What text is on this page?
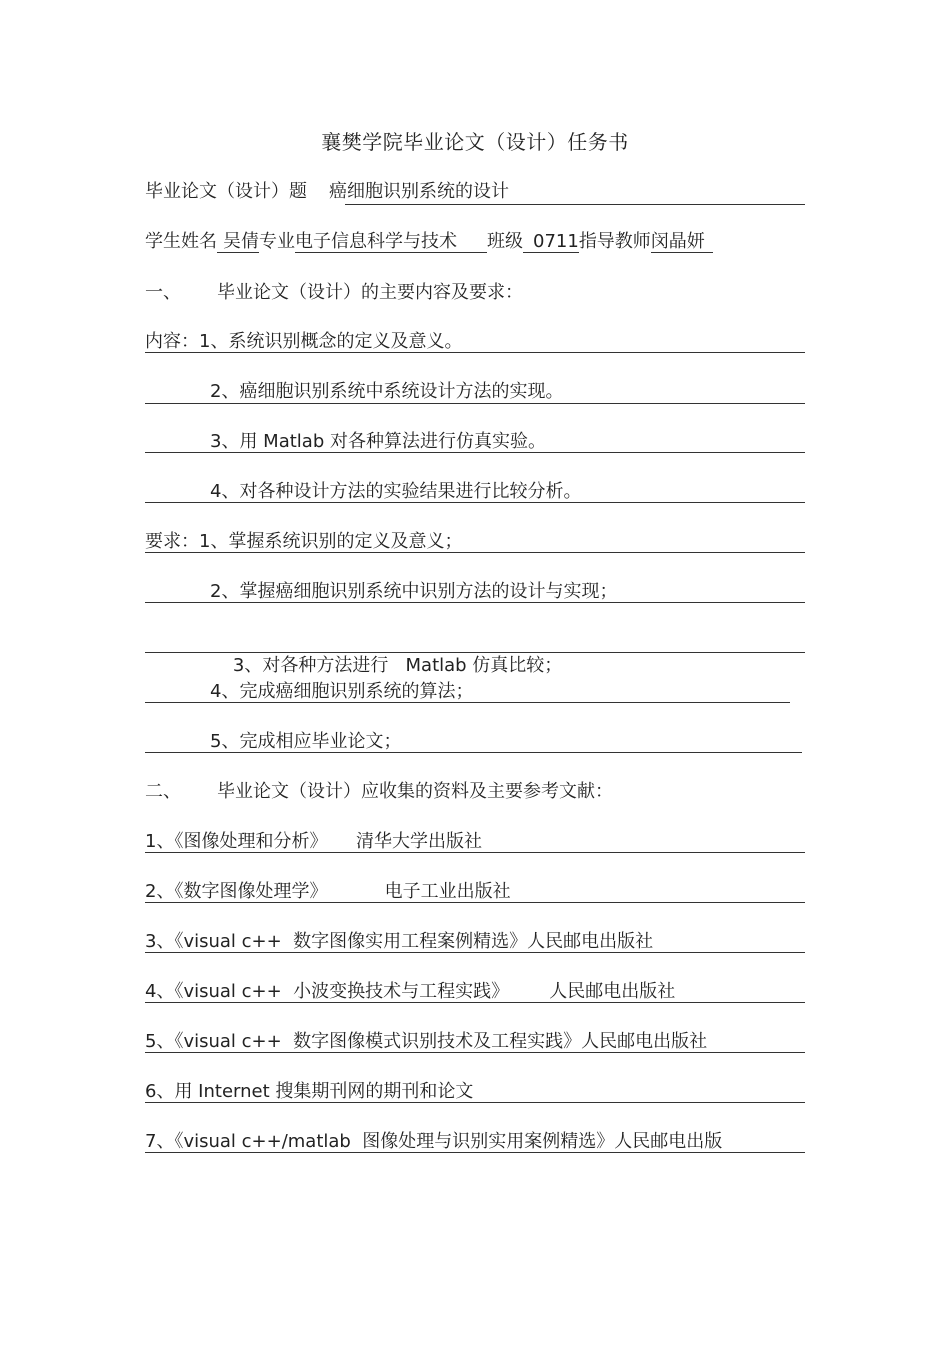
襄樊学院毕业论文（设计）任务书
毕业论文（设计）题 癌细胞识别系统的设计
学生姓名 吴倩专业电子信息科学与技术 班级 0711指导教师闵晶妍
一、 毕业论文（设计）的主要内容及要求：
内容：1、系统识别概念的定义及意义。
2、癌细胞识别系统中系统设计方法的实现。
3、用 Matlab 对各种算法进行仿真实验。
4、对各种设计方法的实验结果进行比较分析。
要求：1、掌握系统识别的定义及意义；
2、掌握癌细胞识别系统中识别方法的设计与实现；

3、对各种方法进行   Matlab 仿真比较；

4、完成癌细胞识别系统的算法；
5、完成相应毕业论文；
二、 毕业论文（设计）应收集的资料及主要参考文献：
1、《图像处理和分析》     清华大学出版社
2、《数字图像处理学》          电子工业出版社
3、《visual c++  数字图像实用工程案例精选》人民邮电出版社
4、《visual c++  小波变换技术与工程实践》       人民邮电出版社
5、《visual c++  数字图像模式识别技术及工程实践》人民邮电出版社
6、用 Internet 搜集期刊网的期刊和论文
7、《visual c++/matlab  图像处理与识别实用案例精选》人民邮电出版
